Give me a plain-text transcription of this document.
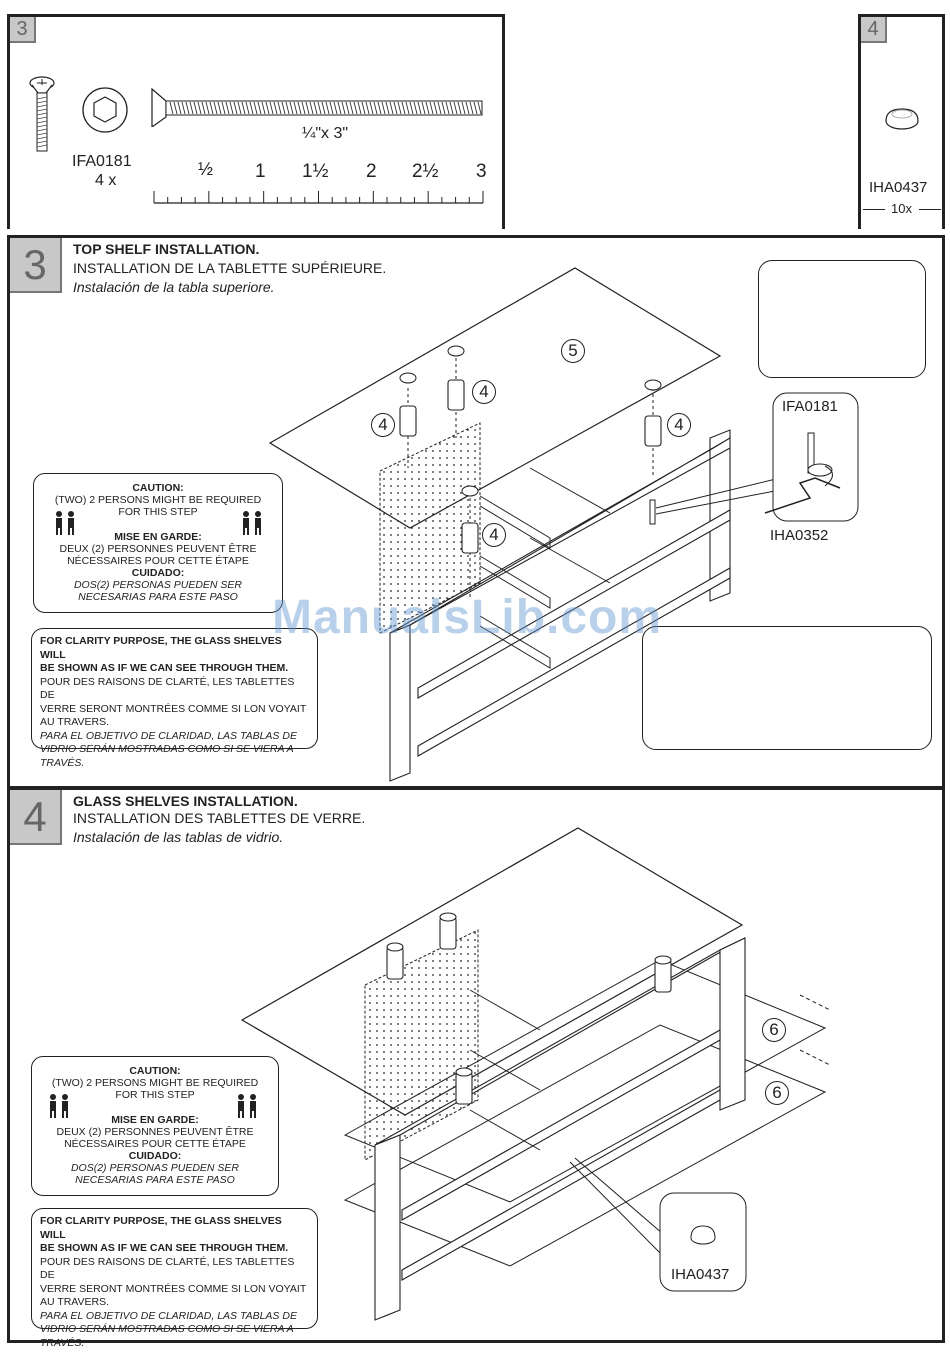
3
¼"x 3"
IFA0181
4 x
½ 1 1½ 2 2½ 3
4
IHA0437
10x
3	TOP SHELF INSTALLATION.
INSTALLATION DE LA TABLETTE SUPÉRIEURE.
Instalación de la tabla superiore.
5
4
4	4
4
IFA0181
IHA0352
CAUTION:
(TWO) 2 PERSONS MIGHT BE REQUIRED
FOR THIS STEP
MISE EN GARDE:
DEUX (2) PERSONNES PEUVENT ÊTRE
NÉCESSAIRES POUR CETTE ÉTAPE
CUIDADO:
DOS(2) PERSONAS PUEDEN SER
NECESARIAS PARA ESTE PASO
FOR CLARITY PURPOSE, THE GLASS SHELVES WILL
BE SHOWN AS IF WE CAN SEE THROUGH THEM.
POUR DES RAISONS DE CLARTÉ, LES TABLETTES DE
VERRE SERONT MONTRÉES COMME SI LON VOYAIT
AU TRAVERS.
PARA EL OBJETIVO DE CLARIDAD, LAS TABLAS DE
VIDRIO SERÁN MOSTRADAS COMO SI SE VIERA A
TRAVÉS.
ManualsLib.com
4	GLASS SHELVES INSTALLATION.
INSTALLATION DES TABLETTES DE VERRE.
Instalación de las tablas de vidrio.
6
6
IHA0437
CAUTION:
(TWO) 2 PERSONS MIGHT BE REQUIRED
FOR THIS STEP
MISE EN GARDE:
DEUX (2) PERSONNES PEUVENT ÊTRE
NÉCESSAIRES POUR CETTE ÉTAPE
CUIDADO:
DOS(2) PERSONAS PUEDEN SER
NECESARIAS PARA ESTE PASO
FOR CLARITY PURPOSE, THE GLASS SHELVES WILL
BE SHOWN AS IF WE CAN SEE THROUGH THEM.
POUR DES RAISONS DE CLARTÉ, LES TABLETTES DE
VERRE SERONT MONTRÉES COMME SI LON VOYAIT
AU TRAVERS.
PARA EL OBJETIVO DE CLARIDAD, LAS TABLAS DE
VIDRIO SERÁN MOSTRADAS COMO SI SE VIERA A
TRAVÉS.
